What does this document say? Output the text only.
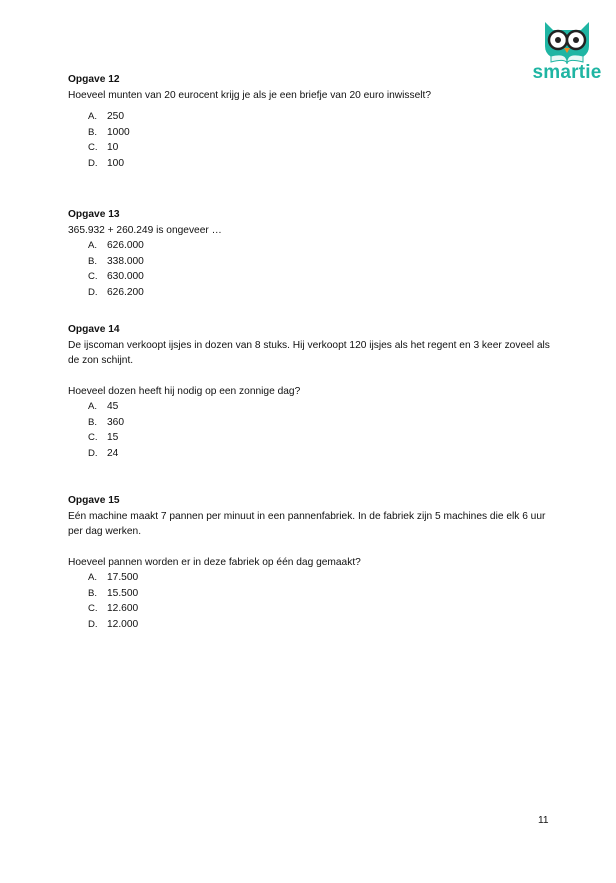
smartie
Opgave 12

Hoeveel munten van 20 eurocent krijg je als je een briefje van 20 euro inwisselt?

A. 250
B. 1000
C. 10
D. 100
Opgave 13

365.932 + 260.249 is ongeveer …

A. 626.000
B. 338.000
C. 630.000
D. 626.200
Opgave 14

De ijscoman verkoopt ijsjes in dozen van 8 stuks. Hij verkoopt 120 ijsjes als het regent en 3 keer zoveel als de zon schijnt.

Hoeveel dozen heeft hij nodig op een zonnige dag?

A. 45
B. 360
C. 15
D. 24
Opgave 15

Eén machine maakt 7 pannen per minuut in een pannenfabriek. In de fabriek zijn 5 machines die elk 6 uur per dag werken.

Hoeveel pannen worden er in deze fabriek op één dag gemaakt?

A. 17.500
B. 15.500
C. 12.600
D. 12.000
11
